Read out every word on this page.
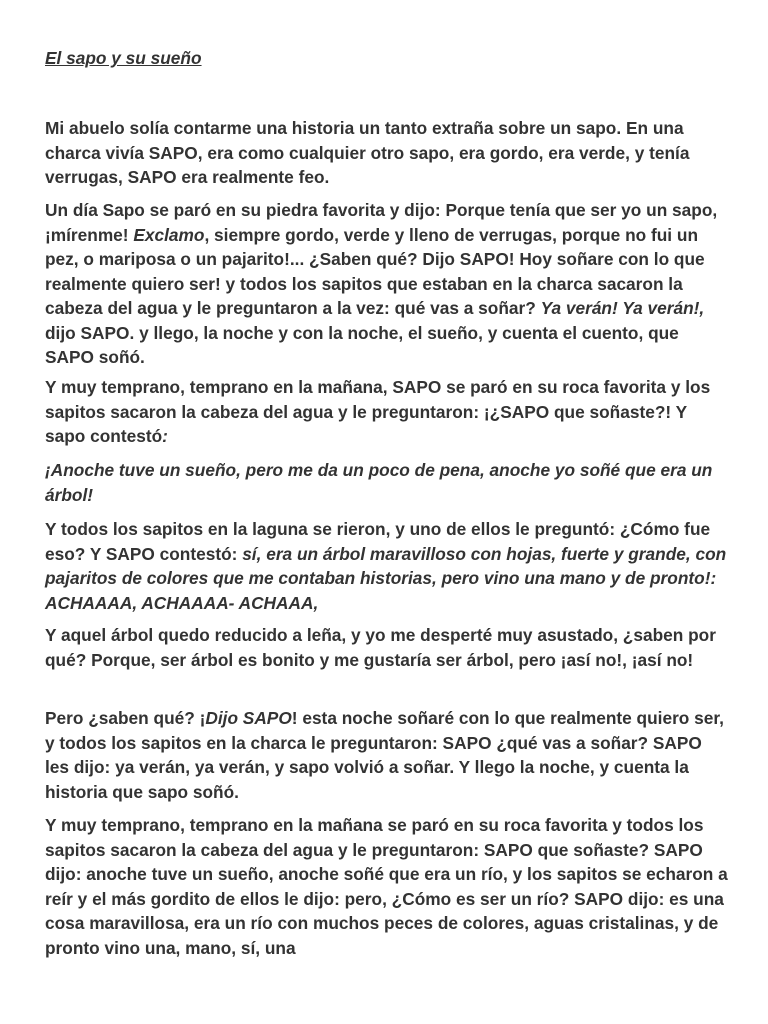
El sapo y su sueño

Mi abuelo solía contarme una historia un tanto extraña sobre un sapo. En una charca vivía SAPO, era como cualquier otro sapo, era gordo, era verde, y tenía verrugas, SAPO era realmente feo.

Un día Sapo se paró en su piedra favorita y dijo: Porque tenía que ser yo un sapo, ¡mírenme! Exclamo, siempre gordo, verde y lleno de verrugas, porque no fui un pez, o mariposa o un pajarito!... ¿Saben qué? Dijo SAPO! Hoy soñare con lo que realmente quiero ser! y todos los sapitos que estaban en la charca sacaron la cabeza del agua y le preguntaron a la vez: qué vas a soñar? Ya verán! Ya verán!, dijo SAPO. y llego, la noche y con la noche, el sueño, y cuenta el cuento, que SAPO soñó.

Y muy temprano, temprano en la mañana, SAPO se paró en su roca favorita y los sapitos sacaron la cabeza del agua y le preguntaron: ¡¿SAPO que soñaste?! Y sapo contestó:

¡Anoche tuve un sueño, pero me da un poco de pena, anoche yo soñé que era un árbol!

Y todos los sapitos en la laguna se rieron, y uno de ellos le preguntó: ¿Cómo fue eso? Y SAPO contestó: sí, era un árbol maravilloso con hojas, fuerte y grande, con pajaritos de colores que me contaban historias, pero vino una mano y de pronto!: ACHAAAA, ACHAAAA- ACHAAA,

Y aquel árbol quedo reducido a leña, y yo me desperté muy asustado, ¿saben por qué? Porque, ser árbol es bonito y me gustaría ser árbol, pero ¡así no!, ¡así no!

Pero ¿saben qué? ¡Dijo SAPO! esta noche soñaré con lo que realmente quiero ser, y todos los sapitos en la charca le preguntaron: SAPO ¿qué vas a soñar? SAPO les dijo: ya verán, ya verán, y sapo volvió a soñar. Y llego la noche, y cuenta la historia que sapo soñó.

Y muy temprano, temprano en la mañana se paró en su roca favorita y todos los sapitos sacaron la cabeza del agua y le preguntaron: SAPO que soñaste? SAPO dijo: anoche tuve un sueño, anoche soñé que era un río, y los sapitos se echaron a reír y el más gordito de ellos le dijo: pero, ¿Cómo es ser un río? SAPO dijo: es una cosa maravillosa, era un río con muchos peces de colores, aguas cristalinas, y de pronto vino una, mano, sí, una
